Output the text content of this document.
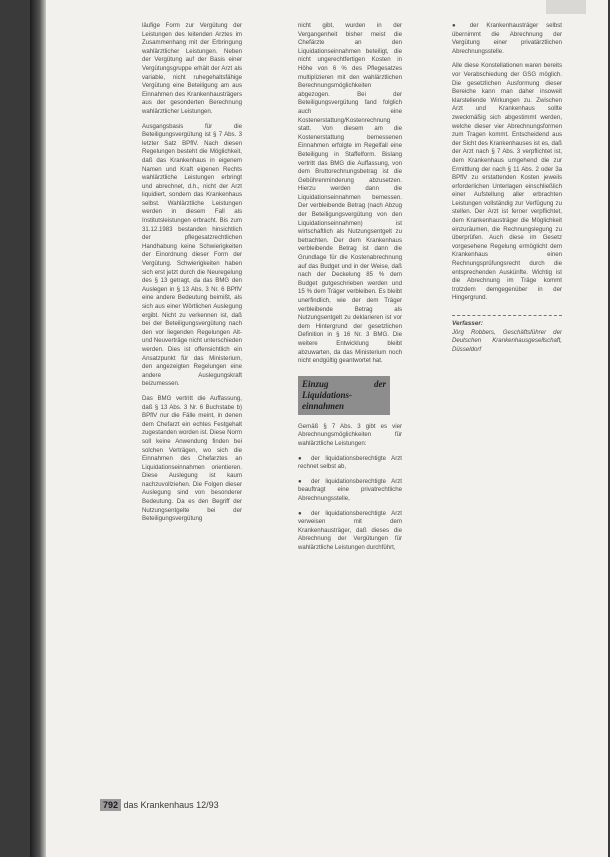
läufige Form zur Vergütung der Leistungen des leitenden Arztes im Zusammenhang mit der Erbringung wahlärztlicher Leistungen. Neben der Vergütung auf der Basis einer Vergütungsgruppe erhält der Arzt als variable, nicht ruhegehaltsfähige Vergütung eine Beteiligung am aus Einnahmen des Krankenhausträgers aus der gesonderten Berechnung wahlärztlicher Leistungen.

Ausgangsbasis für die Beteiligungsvergütung ist § 7 Abs. 3 letzter Satz BPflV. Nach diesen Regelungen besteht die Möglichkeit, daß das Krankenhaus in eigenem Namen und Kraft eigenen Rechts wahlärztliche Leistungen erbringt und abrechnet, d.h., nicht der Arzt liquidiert, sondern das Krankenhaus selbst. Wahlärztliche Leistungen werden in diesem Fall als Institutsleistungen erbracht. Bis zum 31.12.1983 bestanden hinsichtlich der pflegesatzrechtlichen Handhabung keine Schwierigkeiten der Einordnung dieser Form der Vergütung. Schwierigkeiten haben sich erst jetzt durch die Neuregelung des § 13 getragt, da das BMG den Auslegen in § 13 Abs. 3 Nr. 6 BPflV eine andere Bedeutung beimißt, als sich aus einer Wörtlichen Auslegung ergibt. Nicht zu verkennen ist, daß bei der Beteiligungsvergütung nach den vor liegenden Regelungen Alt- und Neuverträge nicht unterschieden werden. Dies ist offensichtlich ein Ansatzpunkt für das Ministerium, den angezeigten Regelungen eine andere Auslegungskraft beizumessen.

Das BMG vertritt die Auffassung, daß § 13 Abs. 3 Nr. 6 Buchstabe b) BPflV nur die Fälle meint, in denen dem Chefarzt ein echtes Festgehalt zugestanden worden ist. Diese Norm soll keine Anwendung finden bei solchen Verträgen, wo sich die Einnahmen des Chefarztes an Liquidationseinnahmen orientieren. Diese Auslegung ist kaum nachzuvollziehen. Die Folgen dieser Auslegung sind von besonderer Bedeutung. Da es den Begriff der Nutzungsentgelte bei der Beteiligungsvergütung

nicht gibt, wurden in der Vergangenheit bisher meist die Chefärzte an den Liquidationseinnahmen beteiligt, die nicht ungerechtfertigen Kosten in Höhe von 6 % des Pflegesatzes multiplizieren mit den wahlärztlichen Berechnungsmöglichkeiten abgezogen. Bei der Beteiligungsvergütung fand folglich auch eine Kostenerstattung/Kostenrechnung statt. Von diesem am die Kostenerstattung bemessenen Einnahmen erfolgte im Regelfall eine Beteiligung in Staffelform. Bislang vertritt das BMG die Auffassung, von dem Bruttorechnungsbetrag ist die Gebührenminderung abzusetzen. Hierzu werden dann die Liquidationseinnahmen bemessen. Der verbleibende Betrag (nach Abzug der Beteiligungsvergütung von den Liquidationseinnahmen) ist wirtschaftlich als Nutzungsentgelt zu betrachten. Der dem Krankenhaus verbleibende Betrag ist dann die Grundlage für die Kostenabrechnung auf das Budget und in der Weise, daß nach der Deckelung 85 % dem Budget gutgeschrieben werden und 15 % dem Träger verbleiben. Es bleibt unerfindlich, wie der dem Träger verbleibende Betrag als Nutzungsentgelt zu deklarieren ist vor dem Hintergrund der gesetzlichen Definition in § 16 Nr. 3 BMG. Die weitere Entwicklung bleibt abzuwarten, da das Ministerium noch nicht endgültig geantwortet hat.

Einzug der Liquidations-einnahmen

Gemäß § 7 Abs. 3 gibt es vier Abrechnungsmöglichkeiten für wahlärztliche Leistungen:

● der liquidationsberechtigte Arzt rechnet selbst ab,

● der liquidationsberechtigte Arzt beauftragt eine privatrechtliche Abrechnungsstelle,

● der liquidationsberechtigte Arzt verweisen mit dem Krankenhausträger, daß dieses die Abrechnung der Vergütungen für wahlärztliche Leistungen durchführt,

● der Krankenhausträger selbst übernimmt die Abrechnung der Vergütung einer privatärztlichen Abrechnungsstelle.

Alle diese Konstellationen waren bereits vor Verabschiedung der GSG möglich. Die gesetzlichen Ausformung dieser Bereiche kann man daher insoweit klarstellende Wirkungen zu. Zwischen Arzt und Krankenhaus sollte zweckmäßig sich abgestimmt werden, welche dieser vier Abrechnungsformen zum Tragen kommt. Entscheidend aus der Sicht des Krankenhauses ist es, daß der Arzt nach § 7 Abs. 3 verpflichtet ist, dem Krankenhaus umgehend die zur Ermittlung der nach § 11 Abs. 2 oder 3a BPflV zu erstattenden Kosten jeweils erforderlichen Unterlagen einschließlich einer Aufstellung aller erbrachten Leistungen vollständig zur Verfügung zu stellen. Der Arzt ist ferner verpflichtet, dem Krankenhausträger die Möglichkeit einzuräumen, die Rechnungslegung zu überprüfen. Auch diese im Gesetz vorgesehene Regelung ermöglicht dem Krankenhaus einen Rechnungsprüfungsrecht durch die entsprechenden Auskünfte. Wichtig ist die Abrechnung im Träge kommt trotzdem demgegenüber in der Hingergrund.

Verfasser:
Jörg Robbers, Geschäftsführer der Deutschen Krankenhausgesellschaft, Düsseldorf
792 das Krankenhaus 12/93
